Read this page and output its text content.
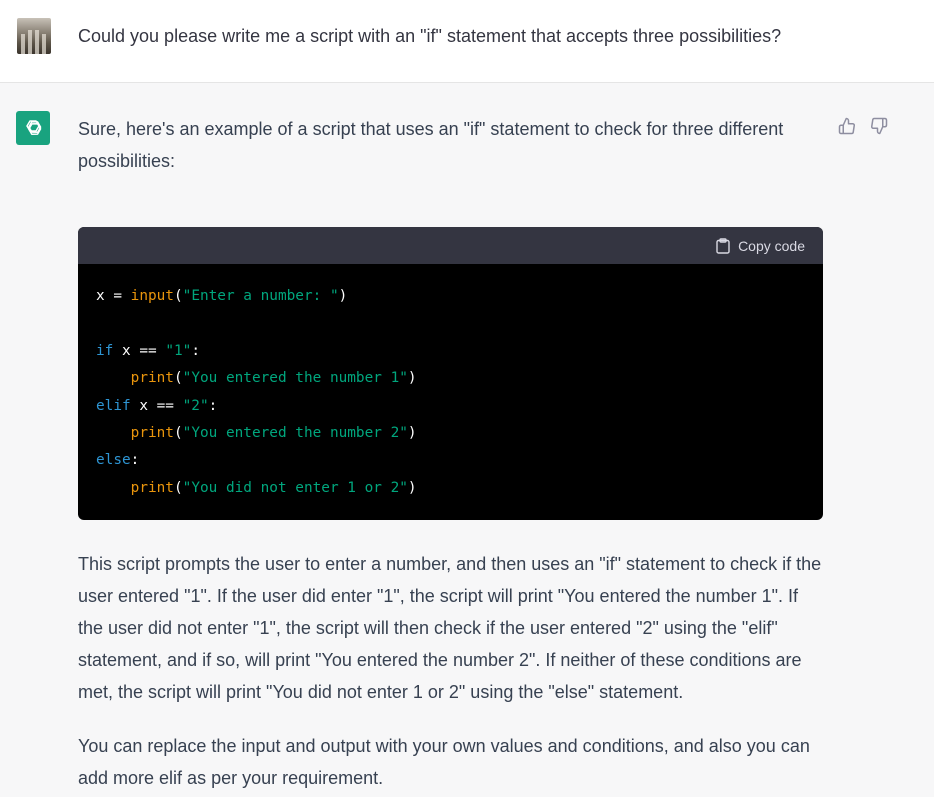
Could you please write me a script with an "if" statement that accepts three possibilities?

Sure, here's an example of a script that uses an "if" statement to check for three different possibilities:

Copy code
x = input("Enter a number: ")
if x == "1":
print("You entered the number 1")
elif x == "2":
print("You entered the number 2")
else:
print("You did not enter 1 or 2")

This script prompts the user to enter a number, and then uses an "if" statement to check if the user entered "1". If the user did enter "1", the script will print "You entered the number 1". If the user did not enter "1", the script will then check if the user entered "2" using the "elif" statement, and if so, will print "You entered the number 2". If neither of these conditions are met, the script will print "You did not enter 1 or 2" using the "else" statement.

You can replace the input and output with your own values and conditions, and also you can add more elif as per your requirement.
